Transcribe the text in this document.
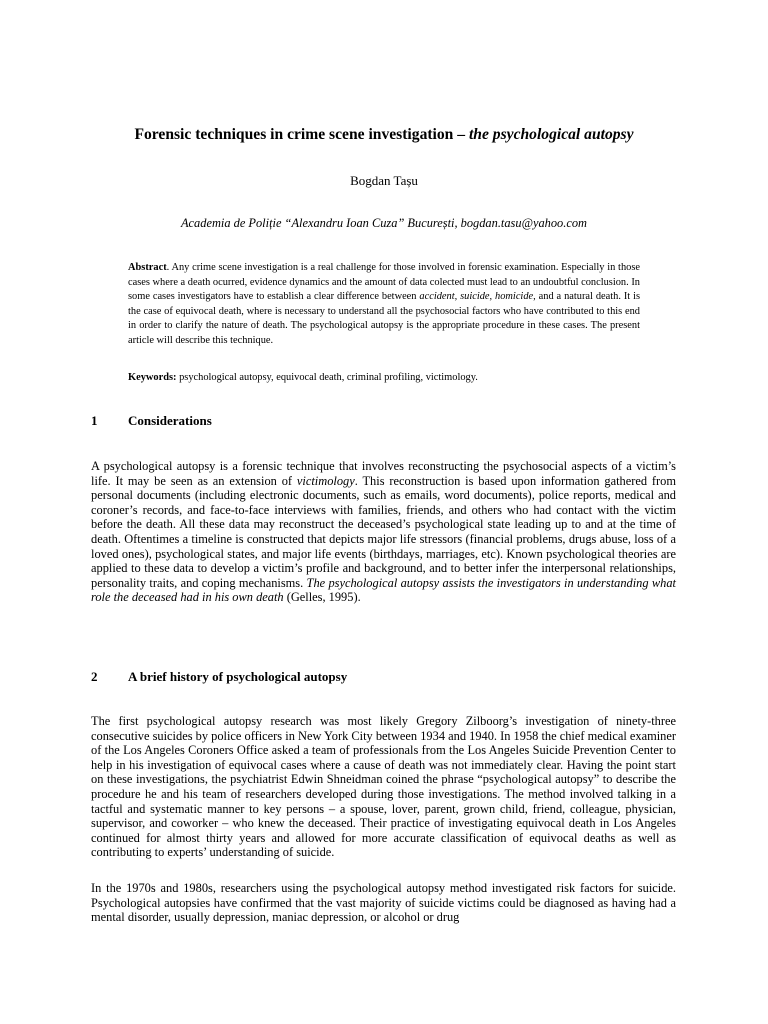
Forensic techniques in crime scene investigation – the psychological autopsy
Bogdan Tașu
Academia de Poliție “Alexandru Ioan Cuza” București, bogdan.tasu@yahoo.com
Abstract. Any crime scene investigation is a real challenge for those involved in forensic examination. Especially in those cases where a death ocurred, evidence dynamics and the amount of data colected must lead to an undoubtful conclusion. In some cases investigators have to establish a clear difference between accident, suicide, homicide, and a natural death. It is the case of equivocal death, where is necessary to understand all the psychosocial factors who have contributed to this end in order to clarify the nature of death. The psychological autopsy is the appropriate procedure in these cases. The present article will describe this technique.
Keywords: psychological autopsy, equivocal death, criminal profiling, victimology.
1 Considerations

A psychological autopsy is a forensic technique that involves reconstructing the psychosocial aspects of a victim’s life. It may be seen as an extension of victimology. This reconstruction is based upon information gathered from personal documents (including electronic documents, such as emails, word documents), police reports, medical and coroner’s records, and face-to-face interviews with families, friends, and others who had contact with the victim before the death. All these data may reconstruct the deceased’s psychological state leading up to and at the time of death. Oftentimes a timeline is constructed that depicts major life stressors (financial problems, drugs abuse, loss of a loved ones), psychological states, and major life events (birthdays, marriages, etc). Known psychological theories are applied to these data to develop a victim’s profile and background, and to better infer the interpersonal relationships, personality traits, and coping mechanisms. The psychological autopsy assists the investigators in understanding what role the deceased had in his own death (Gelles, 1995).

2 A brief history of psychological autopsy

The first psychological autopsy research was most likely Gregory Zilboorg’s investigation of ninety-three consecutive suicides by police officers in New York City between 1934 and 1940. In 1958 the chief medical examiner of the Los Angeles Coroners Office asked a team of professionals from the Los Angeles Suicide Prevention Center to help in his investigation of equivocal cases where a cause of death was not immediately clear. Having the point start on these investigations, the psychiatrist Edwin Shneidman coined the phrase “psychological autopsy” to describe the procedure he and his team of researchers developed during those investigations. The method involved talking in a tactful and systematic manner to key persons – a spouse, lover, parent, grown child, friend, colleague, physician, supervisor, and coworker – who knew the deceased. Their practice of investigating equivocal death in Los Angeles continued for almost thirty years and allowed for more accurate classification of equivocal deaths as well as contributing to experts’ understanding of suicide.

In the 1970s and 1980s, researchers using the psychological autopsy method investigated risk factors for suicide. Psychological autopsies have confirmed that the vast majority of suicide victims could be diagnosed as having had a mental disorder, usually depression, maniac depression, or alcohol or drug
